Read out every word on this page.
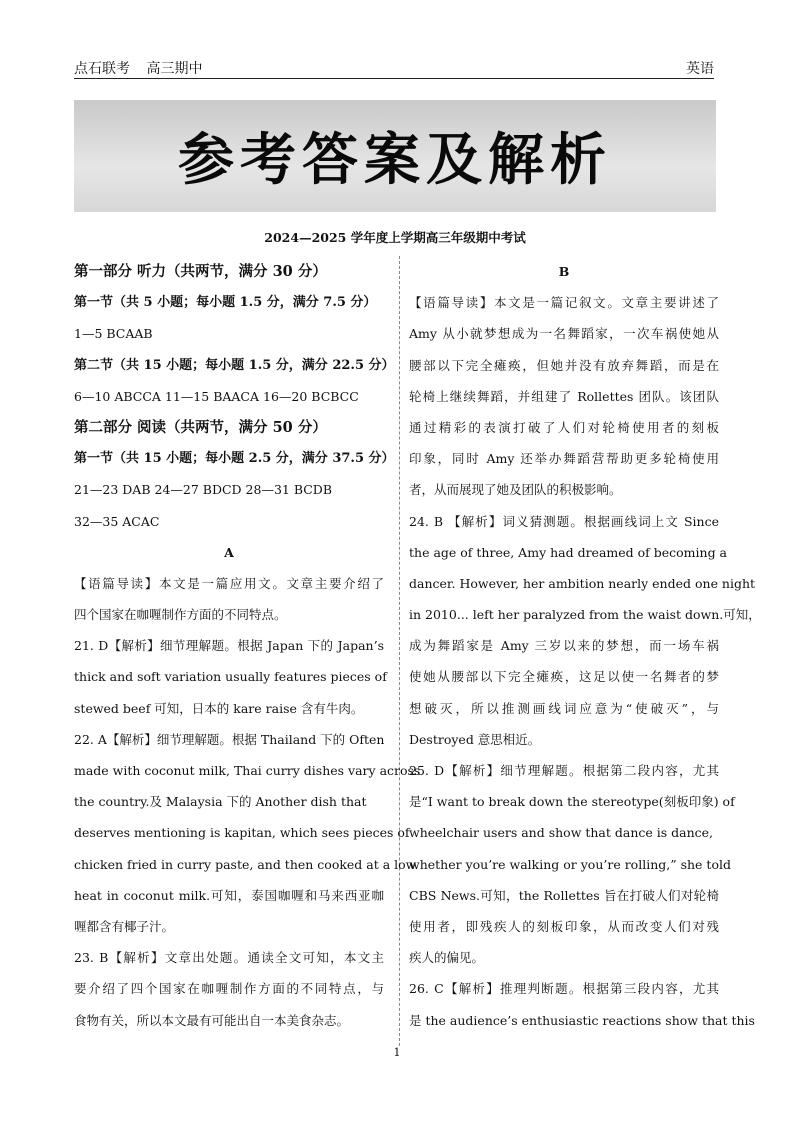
点石联考 高三期中	英语
参考答案及解析
2024—2025 学年度上学期高三年级期中考试
第一部分 听力（共两节，满分 30 分）
第一节（共 5 小题；每小题 1.5 分，满分 7.5 分）
1—5 BCAAB
第二节（共 15 小题；每小题 1.5 分，满分 22.5 分）
6—10 ABCCA 11—15 BAACA 16—20 BCBCC
第二部分 阅读（共两节，满分 50 分）
第一节（共 15 小题；每小题 2.5 分，满分 37.5 分）
21—23 DAB 24—27 BDCD 28—31 BCDB
32—35 ACAC
A
【语篇导读】本文是一篇应用文。文章主要介绍了
四个国家在咖喱制作方面的不同特点。
21. D【解析】细节理解题。根据 Japan 下的 Japan’s
thick and soft variation usually features pieces of
stewed beef 可知，日本的 kare raise 含有牛肉。
22. A【解析】细节理解题。根据 Thailand 下的 Often
made with coconut milk, Thai curry dishes vary across
the country.及 Malaysia 下的 Another dish that
deserves mentioning is kapitan, which sees pieces of
chicken fried in curry paste, and then cooked at a low
heat in coconut milk.可知，泰国咖喱和马来西亚咖
喱都含有椰子汁。
23. B【解析】文章出处题。通读全文可知，本文主
要介绍了四个国家在咖喱制作方面的不同特点，与
食物有关，所以本文最有可能出自一本美食杂志。
B
【语篇导读】本文是一篇记叙文。文章主要讲述了
Amy 从小就梦想成为一名舞蹈家，一次车祸使她从
腰部以下完全瘫痪，但她并没有放弃舞蹈，而是在
轮椅上继续舞蹈，并组建了 Rollettes 团队。该团队
通过精彩的表演打破了人们对轮椅使用者的刻板
印象，同时 Amy 还举办舞蹈营帮助更多轮椅使用
者，从而展现了她及团队的积极影响。
24. B 【解析】词义猜测题。根据画线词上文 Since
the age of three, Amy had dreamed of becoming a
dancer. However, her ambition nearly ended one night
in 2010... left her paralyzed from the waist down.可知，
成为舞蹈家是 Amy 三岁以来的梦想，而一场车祸
使她从腰部以下完全瘫痪，这足以使一名舞者的梦
想破灭，所以推测画线词应意为“使破灭”，与
Destroyed 意思相近。
25. D【解析】细节理解题。根据第二段内容，尤其
是“I want to break down the stereotype(刻板印象) of
wheelchair users and show that dance is dance,
whether you’re walking or you’re rolling,” she told
CBS News.可知，the Rollettes 旨在打破人们对轮椅
使用者，即残疾人的刻板印象，从而改变人们对残
疾人的偏见。
26. C【解析】推理判断题。根据第三段内容，尤其
是 the audience’s enthusiastic reactions show that this
1
